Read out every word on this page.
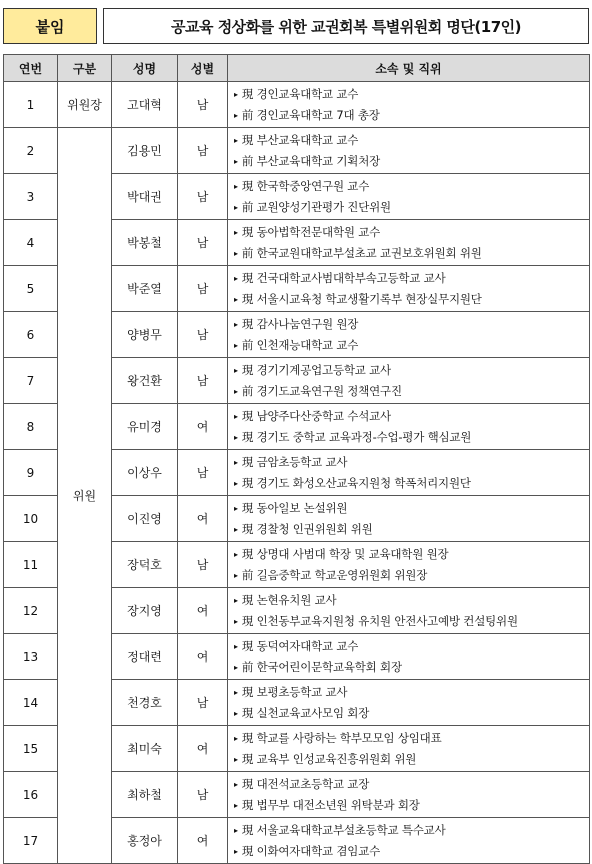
붙임	공교육 정상화를 위한 교권회복 특별위원회 명단(17인)
연번	구분	성명	성별	소속 및 직위
1	위원장	고대혁	남	▸ 現 경인교육대학교 교수
▸ 前 경인교육대학교 7대 총장

2	위원	김용민	남	▸ 現 부산교육대학교 교수
▸ 前 부산교육대학교 기획처장

3		박대권	남	▸ 現 한국학중앙연구원 교수
▸ 前 교원양성기관평가 진단위원

4		박봉철	남	▸ 現 동아법학전문대학원 교수
▸ 前 한국교원대학교부설초교 교권보호위원회 위원

5		박준열	남	▸ 現 건국대학교사범대학부속고등학교 교사
▸ 現 서울시교육청 학교생활기록부 현장실무지원단

6		양병무	남	▸ 現 감사나눔연구원 원장
▸ 前 인천재능대학교 교수

7		왕건환	남	▸ 現 경기기계공업고등학교 교사
▸ 前 경기도교육연구원 정책연구진

8		유미경	여	▸ 現 남양주다산중학교 수석교사
▸ 現 경기도 중학교 교육과정-수업-평가 핵심교원

9		이상우	남	▸ 現 금암초등학교 교사
▸ 現 경기도 화성오산교육지원청 학폭처리지원단

10		이진영	여	▸ 現 동아일보 논설위원
▸ 現 경찰청 인권위원회 위원

11		장덕호	남	▸ 現 상명대 사범대 학장 및 교육대학원 원장
▸ 前 길음중학교 학교운영위원회 위원장

12		장지영	여	▸ 現 논현유치원 교사
▸ 現 인천동부교육지원청 유치원 안전사고예방 컨설팅위원

13		정대련	여	▸ 現 동덕여자대학교 교수
▸ 前 한국어린이문학교육학회 회장

14		천경호	남	▸ 現 보평초등학교 교사
▸ 現 실천교육교사모임 회장

15		최미숙	여	▸ 現 학교를 사랑하는 학부모모임 상임대표
▸ 現 교육부 인성교육진흥위원회 위원

16		최하철	남	▸ 現 대전석교초등학교 교장
▸ 現 법무부 대전소년원 위탁분과 회장

17		홍정아	여	▸ 現 서울교육대학교부설초등학교 특수교사
▸ 現 이화여자대학교 겸임교수
